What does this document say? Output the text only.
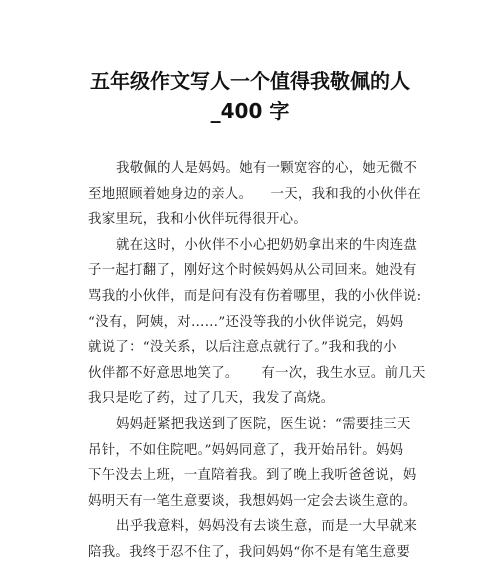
五年级作文写人一个值得我敬佩的人
_400 字
我敬佩的人是妈妈。她有一颗宽容的心，她无微不
至地照顾着她身边的亲人。    一天，我和我的小伙伴在
我家里玩，我和小伙伴玩得很开心。
就在这时，小伙伴不小心把奶奶拿出来的牛肉连盘
子一起打翻了，刚好这个时候妈妈从公司回来。她没有
骂我的小伙伴，而是问有没有伤着哪里，我的小伙伴说:
“没有，阿姨，对……”还没等我的小伙伴说完，妈妈
就说了：“没关系，以后注意点就行了。”我和我的小
伙伴都不好意思地笑了。     有一次，我生水豆。前几天
我只是吃了药，过了几天，我发了高烧。
妈妈赶紧把我送到了医院，医生说：“需要挂三天
吊针，不如住院吧。”妈妈同意了，我开始吊针。妈妈
下午没去上班，一直陪着我。到了晚上我听爸爸说，妈
妈明天有一笔生意要谈，我想妈妈一定会去谈生意的。
出乎我意料，妈妈没有去谈生意，而是一大早就来
陪我。我终于忍不住了，我问妈妈“你不是有笔生意要
